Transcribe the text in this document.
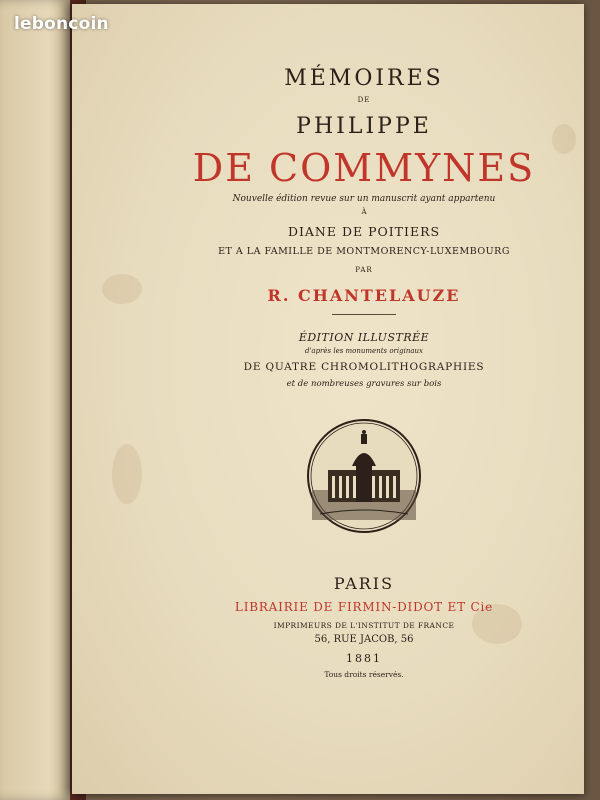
MÉMOIRES
DE
PHILIPPE
DE COMMYNES
Nouvelle édition revue sur un manuscrit ayant appartenu
À
DIANE DE POITIERS
ET A LA FAMILLE DE MONTMORENCY-LUXEMBOURG
PAR
R. CHANTELAUZE
ÉDITION ILLUSTRÉE
d'après les monuments originaux
DE QUATRE CHROMOLITHOGRAPHIES
et de nombreuses gravures sur bois
PARIS
LIBRAIRIE DE FIRMIN-DIDOT ET Cie
IMPRIMEURS DE L'INSTITUT DE FRANCE
56, RUE JACOB, 56
1881
Tous droits réservés.
leboncoin
